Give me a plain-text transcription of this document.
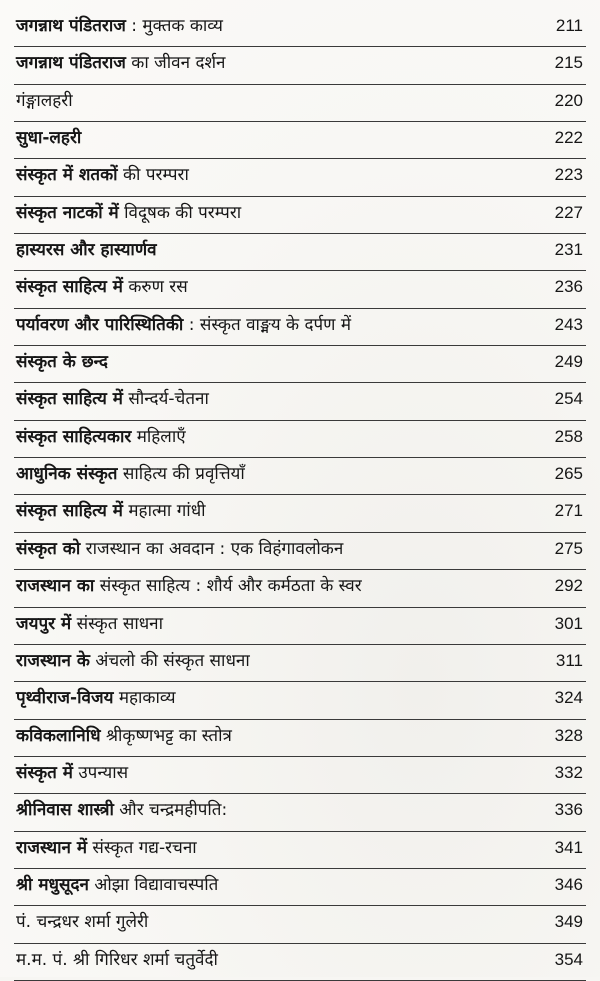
जगन्नाथ पंडितराज : मुक्तक काव्य	211
जगन्नाथ पंडितराज का जीवन दर्शन	215
गंङ्गालहरी	220
सुधा-लहरी	222
संस्कृत में शतकों की परम्परा	223
संस्कृत नाटकों में विदूषक की परम्परा	227
हास्यरस और हास्यार्णव	231
संस्कृत साहित्य में करुण रस	236
पर्यावरण और पारिस्थितिकी : संस्कृत वाङ्मय के दर्पण में	243
संस्कृत के छन्द	249
संस्कृत साहित्य में सौन्दर्य-चेतना	254
संस्कृत साहित्यकार महिलाएँ	258
आधुनिक संस्कृत साहित्य की प्रवृत्तियाँ	265
संस्कृत साहित्य में महात्मा गांधी	271
संस्कृत को राजस्थान का अवदान : एक विहंगावलोकन	275
राजस्थान का संस्कृत साहित्य : शौर्य और कर्मठता के स्वर	292
जयपुर में संस्कृत साधना	301
राजस्थान के अंचलो की संस्कृत साधना	311
पृथ्वीराज-विजय महाकाव्य	324
कविकलानिधि श्रीकृष्णभट्ट का स्तोत्र	328
संस्कृत में उपन्यास	332
श्रीनिवास शास्त्री और चन्द्रमहीपति:	336
राजस्थान में संस्कृत गद्य-रचना	341
श्री मधुसूदन ओझा विद्यावाचस्पति	346
पं. चन्द्रधर शर्मा गुलेरी	349
म.म. पं. श्री गिरिधर शर्मा चतुर्वेदी	354
